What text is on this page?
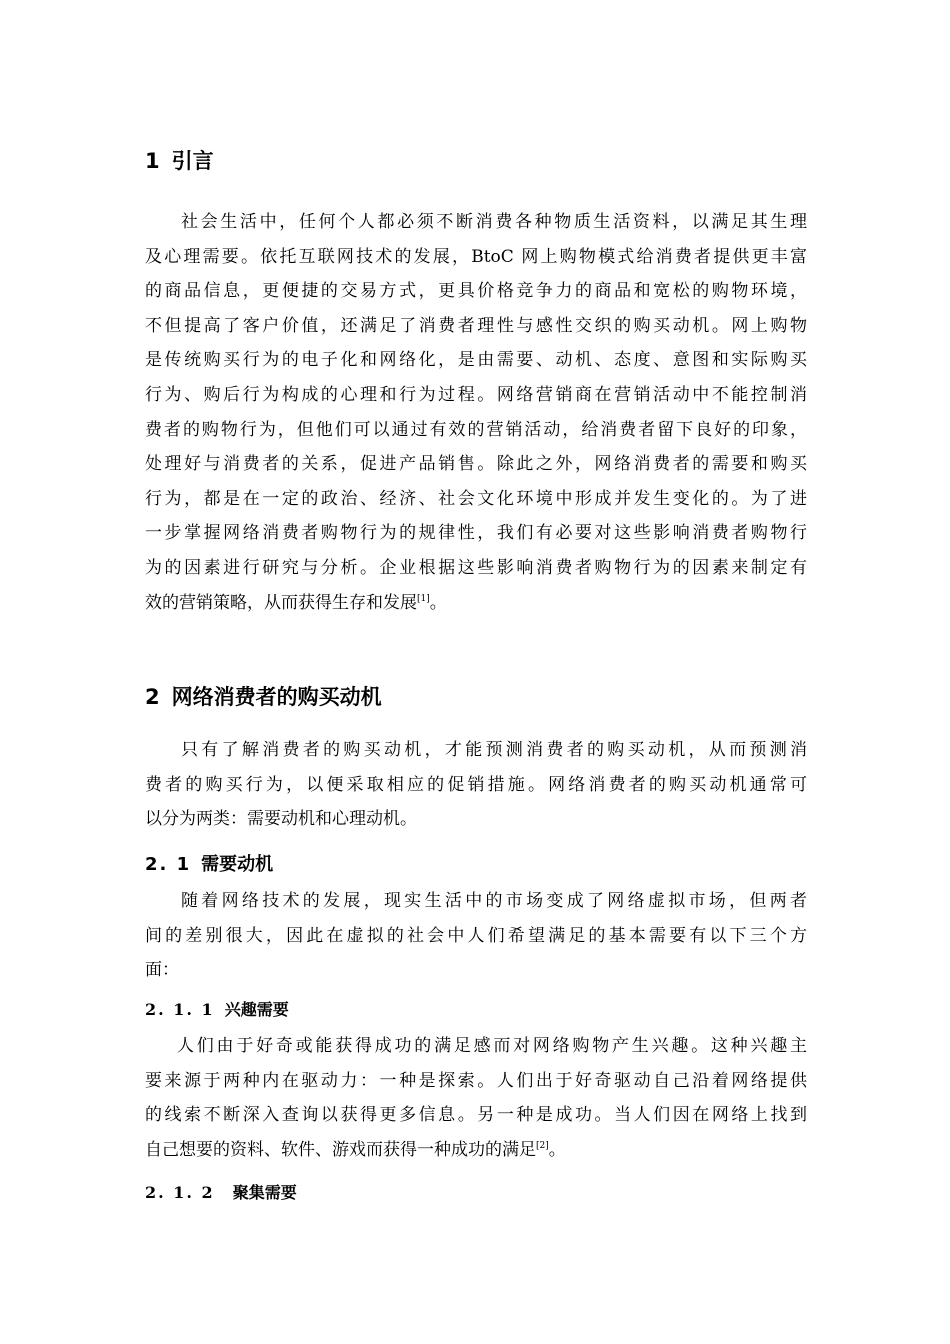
1 引言
社会生活中，任何个人都必须不断消费各种物质生活资料，以满足其生理
及心理需要。依托互联网技术的发展，BtoC 网上购物模式给消费者提供更丰富
的商品信息，更便捷的交易方式，更具价格竞争力的商品和宽松的购物环境，
不但提高了客户价值，还满足了消费者理性与感性交织的购买动机。网上购物
是传统购买行为的电子化和网络化，是由需要、动机、态度、意图和实际购买
行为、购后行为构成的心理和行为过程。网络营销商在营销活动中不能控制消
费者的购物行为，但他们可以通过有效的营销活动，给消费者留下良好的印象，
处理好与消费者的关系，促进产品销售。除此之外，网络消费者的需要和购买
行为，都是在一定的政治、经济、社会文化环境中形成并发生变化的。为了进
一步掌握网络消费者购物行为的规律性，我们有必要对这些影响消费者购物行
为的因素进行研究与分析。企业根据这些影响消费者购物行为的因素来制定有
效的营销策略，从而获得生存和发展[1]。
2 网络消费者的购买动机
只有了解消费者的购买动机，才能预测消费者的购买动机，从而预测消
费者的购买行为，以便采取相应的促销措施。网络消费者的购买动机通常可
以分为两类：需要动机和心理动机。
2. 1 需要动机
随着网络技术的发展，现实生活中的市场变成了网络虚拟市场，但两者
间的差别很大，因此在虚拟的社会中人们希望满足的基本需要有以下三个方
面：
2. 1. 1 兴趣需要
人们由于好奇或能获得成功的满足感而对网络购物产生兴趣。这种兴趣主
要来源于两种内在驱动力：一种是探索。人们出于好奇驱动自己沿着网络提供
的线索不断深入查询以获得更多信息。另一种是成功。当人们因在网络上找到
自己想要的资料、软件、游戏而获得一种成功的满足[2]。
2. 1. 2 聚集需要
